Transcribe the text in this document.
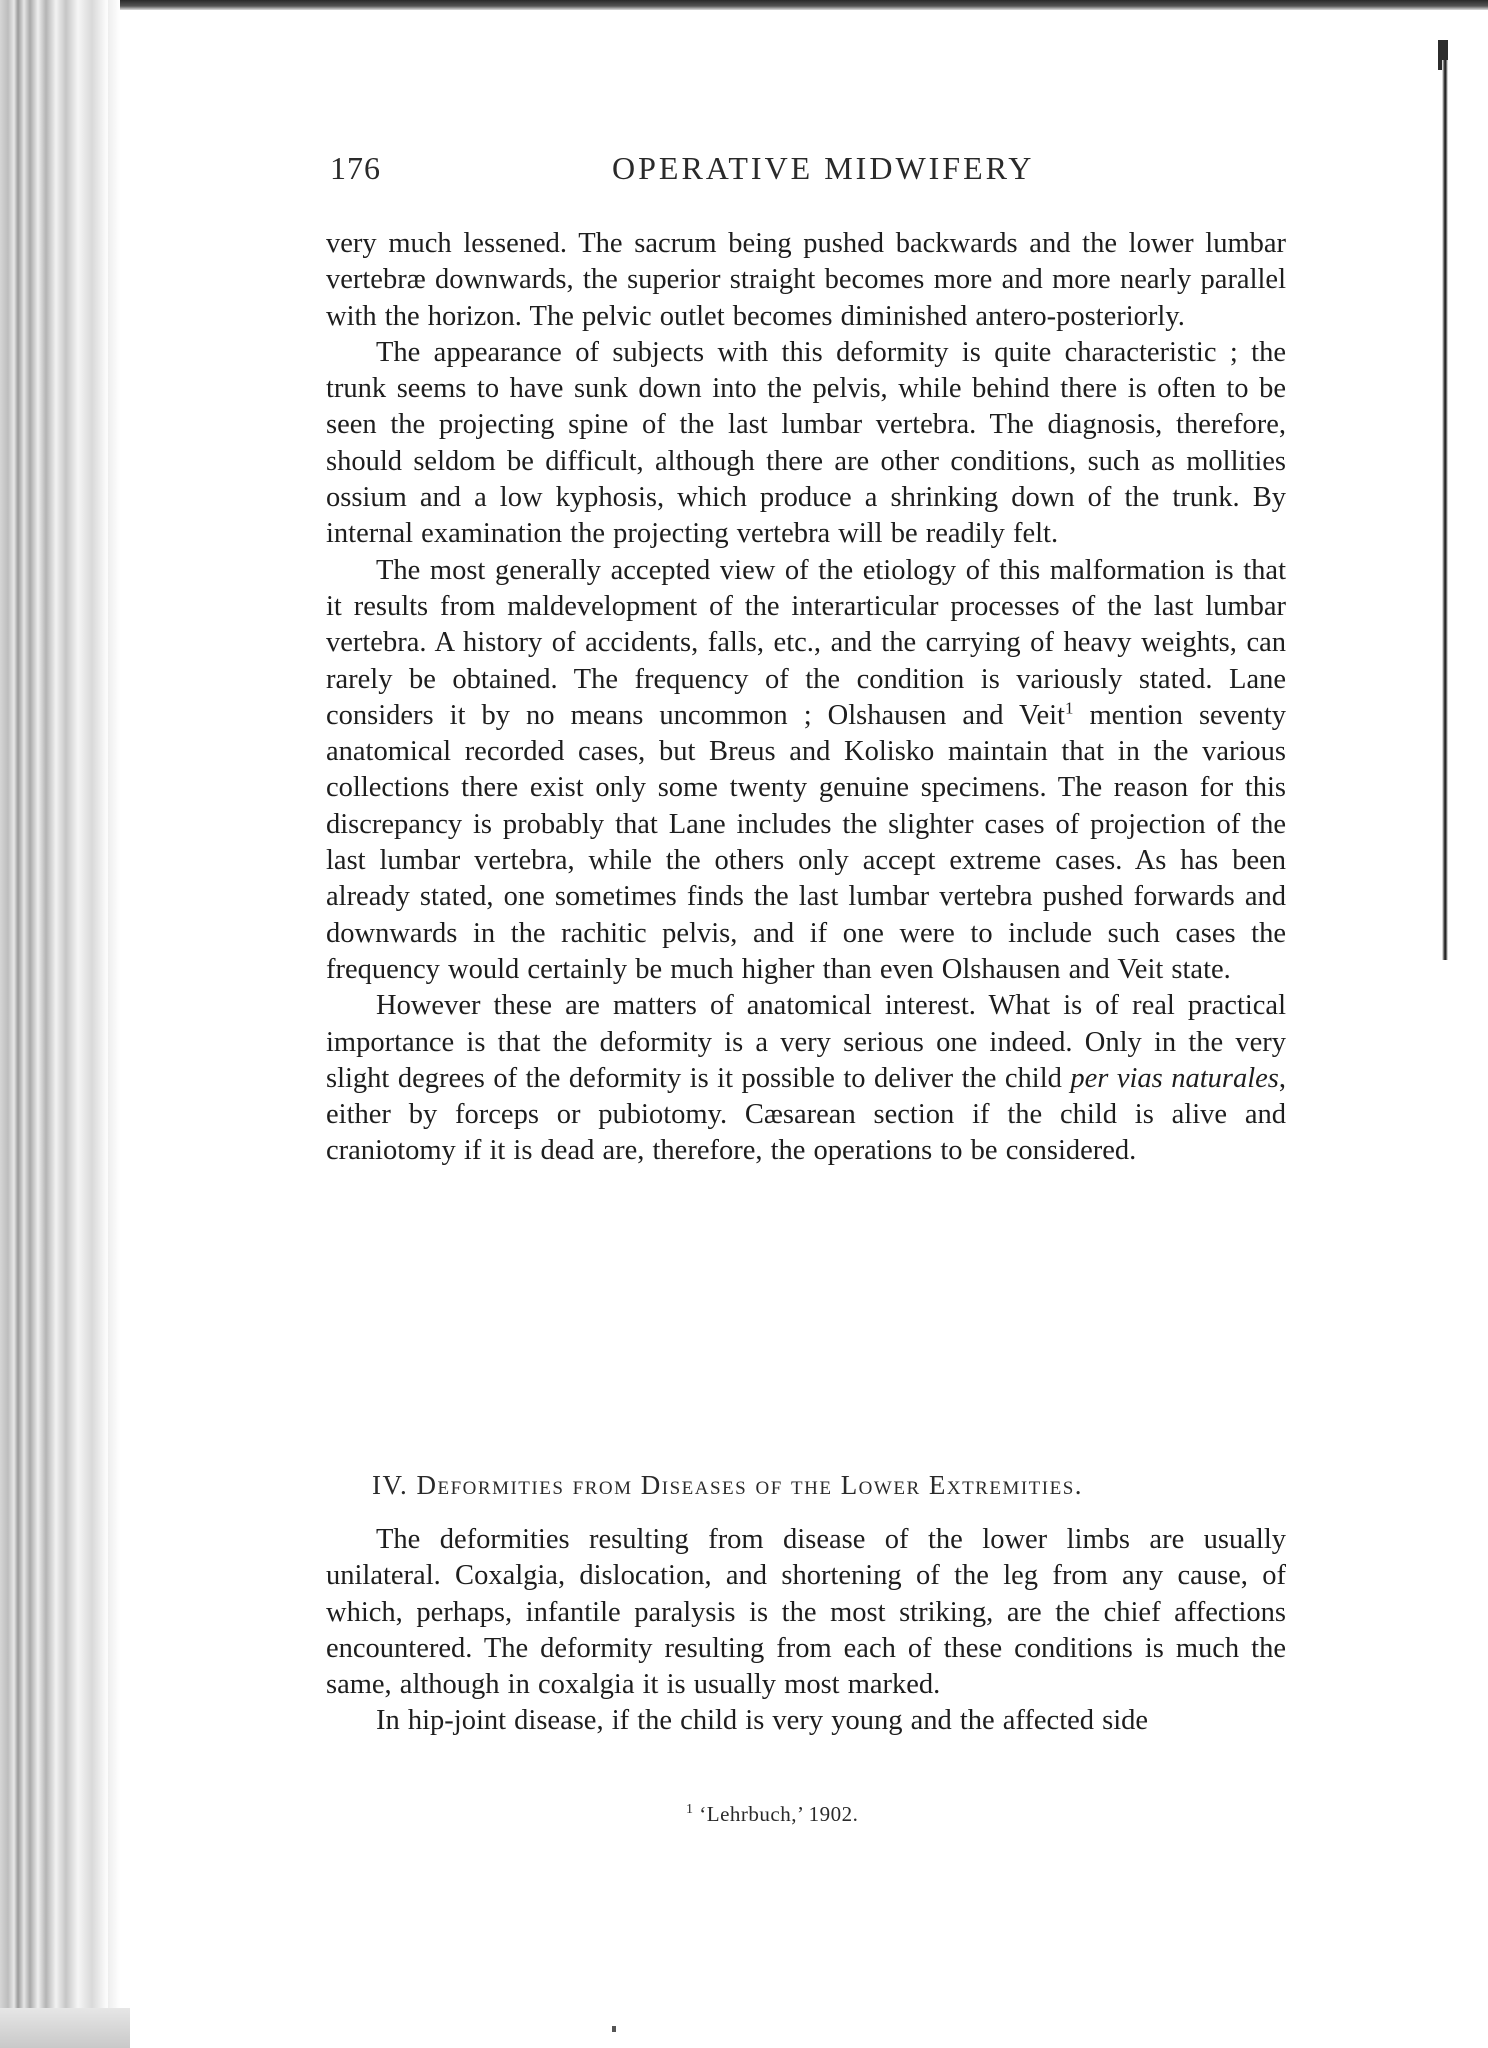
176	OPERATIVE MIDWIFERY

very much lessened. The sacrum being pushed backwards and the lower lumbar vertebræ downwards, the superior straight becomes more and more nearly parallel with the horizon. The pelvic outlet becomes diminished antero-posteriorly.

The appearance of subjects with this deformity is quite characteristic ; the trunk seems to have sunk down into the pelvis, while behind there is often to be seen the projecting spine of the last lumbar vertebra. The diagnosis, therefore, should seldom be difficult, although there are other conditions, such as mollities ossium and a low kyphosis, which produce a shrinking down of the trunk. By internal examination the projecting vertebra will be readily felt.

The most generally accepted view of the etiology of this malformation is that it results from maldevelopment of the interarticular processes of the last lumbar vertebra. A history of accidents, falls, etc., and the carrying of heavy weights, can rarely be obtained. The frequency of the condition is variously stated. Lane considers it by no means uncommon ; Olshausen and Veit$^1$ mention seventy anatomical recorded cases, but Breus and Kolisko maintain that in the various collections there exist only some twenty genuine specimens. The reason for this discrepancy is probably that Lane includes the slighter cases of projection of the last lumbar vertebra, while the others only accept extreme cases. As has been already stated, one sometimes finds the last lumbar vertebra pushed forwards and downwards in the rachitic pelvis, and if one were to include such cases the frequency would certainly be much higher than even Olshausen and Veit state.

However these are matters of anatomical interest. What is of real practical importance is that the deformity is a very serious one indeed. Only in the very slight degrees of the deformity is it possible to deliver the child per vias naturales, either by forceps or pubiotomy. Cæsarean section if the child is alive and craniotomy if it is dead are, therefore, the operations to be considered.

IV. Deformities from Diseases of the Lower Extremities.

The deformities resulting from disease of the lower limbs are usually unilateral. Coxalgia, dislocation, and shortening of the leg from any cause, of which, perhaps, infantile paralysis is the most striking, are the chief affections encountered. The deformity resulting from each of these conditions is much the same, although in coxalgia it is usually most marked.

In hip-joint disease, if the child is very young and the affected side

$^1$ ‘Lehrbuch,’ 1902.
